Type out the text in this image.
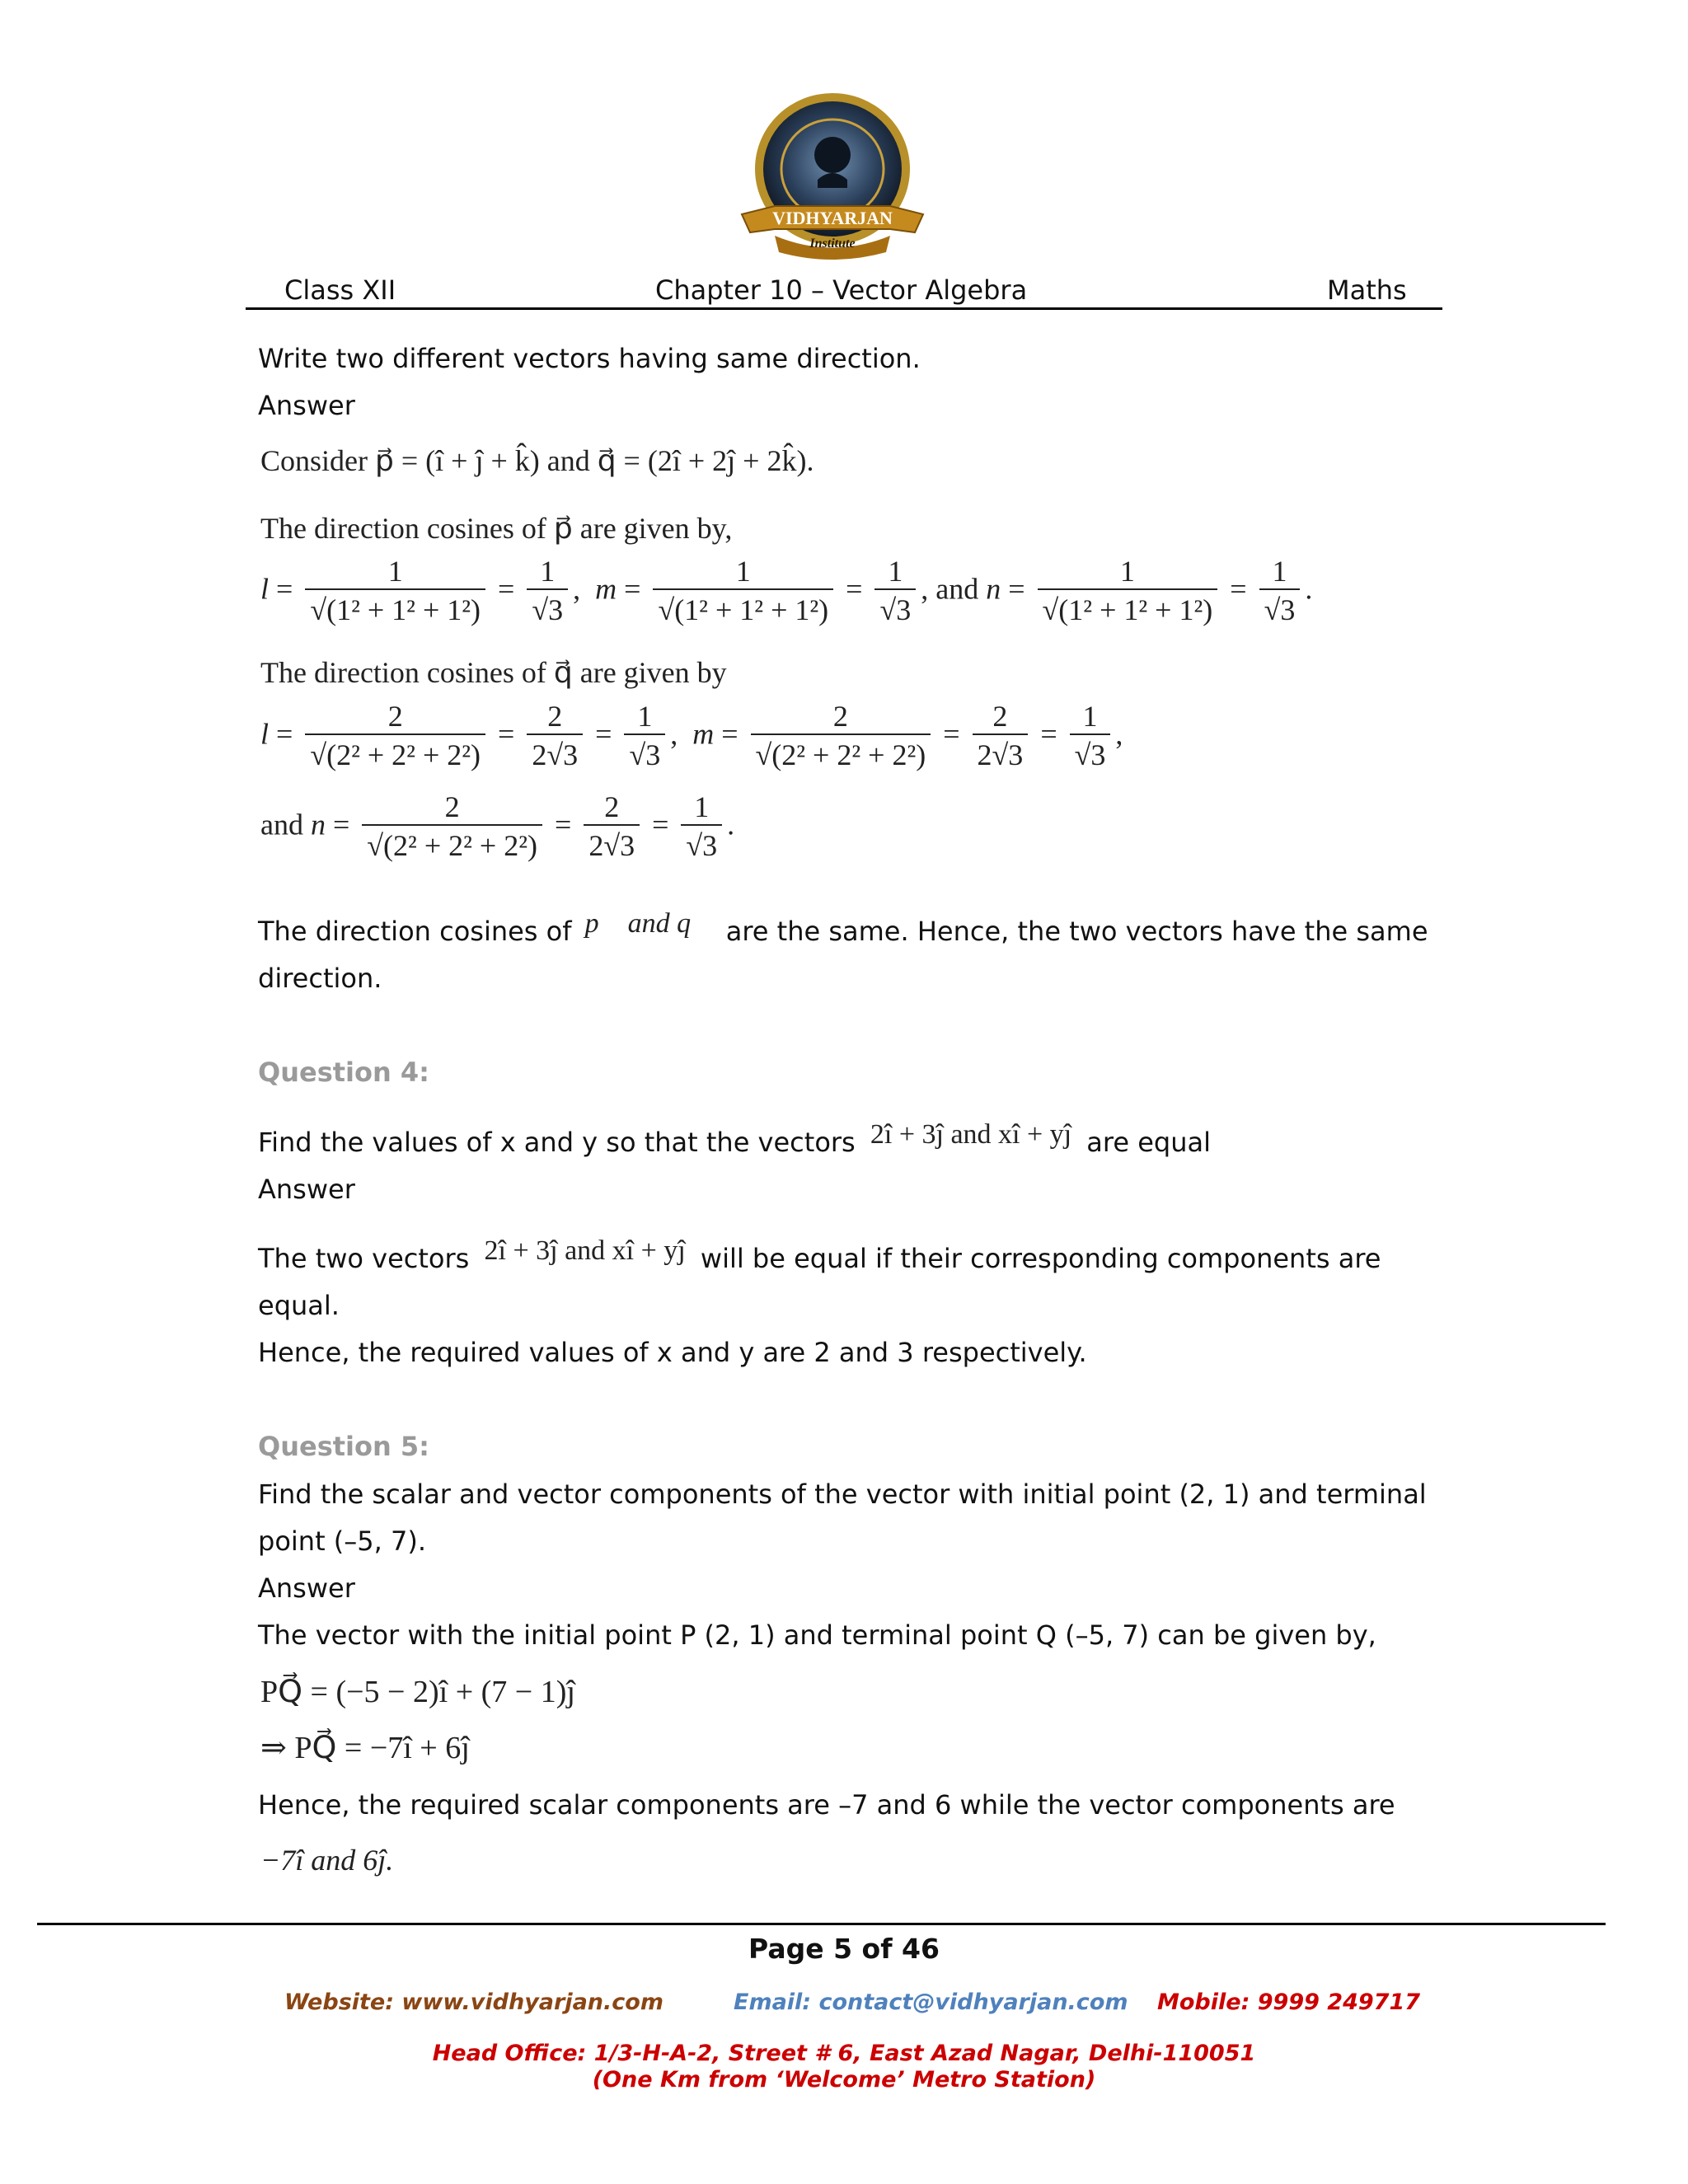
VIDHYARJAN
Institute
Class XII	Chapter 10 – Vector Algebra	Maths
Write two different vectors having same direction.
Answer
Consider p⃗ = (î + ĵ + k̂) and q⃗ = (2î + 2ĵ + 2k̂).
The direction cosines of p⃗ are given by,
$l = \frac{1}{\text{√(1² + 1² + 1²)}} = \frac{1}{√3}$ ,  $m = \frac{1}{\text{√(1² + 1² + 1²)}} = \frac{1}{√3}$ , and $n = \frac{1}{\text{√(1² + 1² + 1²)}} = \frac{1}{√3}$ .
The direction cosines of q⃗ are given by
$l = \frac{2}{\text{√(2² + 2² + 2²)}} = \frac{2}{2√3} = \frac{1}{√3}$ ,  $m = \frac{2}{\text{√(2² + 2² + 2²)}} = \frac{2}{2√3} = \frac{1}{√3}$ ,
and $n = \frac{2}{\text{√(2² + 2² + 2²)}} = \frac{2}{2√3} = \frac{1}{√3}$ .
The direction cosines of p⃗ and q⃗ are the same. Hence, the two vectors have the same
direction.
Question 4:
Find the values of x and y so that the vectors 2î + 3ĵ and xî + yĵ are equal
Answer
The two vectors 2î + 3ĵ and xî + yĵ will be equal if their corresponding components are
equal.
Hence, the required values of x and y are 2 and 3 respectively.
Question 5:
Find the scalar and vector components of the vector with initial point (2, 1) and terminal
point (–5, 7).
Answer
The vector with the initial point P (2, 1) and terminal point Q (–5, 7) can be given by,
PQ⃗ = (−5 − 2)î + (7 − 1)ĵ
⇒ PQ⃗ = −7î + 6ĵ
Hence, the required scalar components are –7 and 6 while the vector components are
−7î and 6ĵ.
Page 5 of 46
Website: www.vidhyarjan.com	Email: contact@vidhyarjan.com Mobile: 9999 249717
Head Office: 1/3-H-A-2, Street # 6, East Azad Nagar, Delhi-110051
(One Km from ‘Welcome’ Metro Station)
